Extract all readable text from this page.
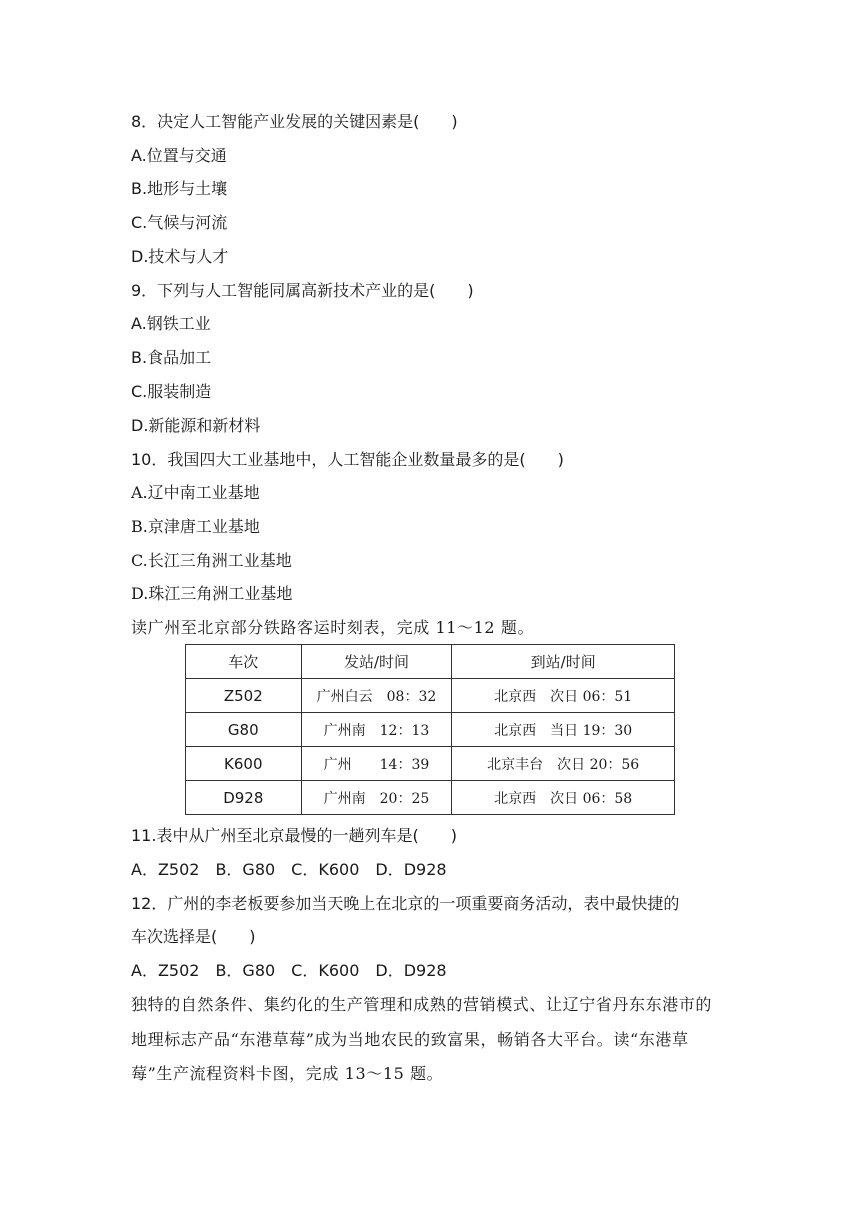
8．决定人工智能产业发展的关键因素是(　　)
A.位置与交通
B.地形与土壤
C.气候与河流
D.技术与人才
9．下列与人工智能同属高新技术产业的是(　　)
A.钢铁工业
B.食品加工
C.服装制造
D.新能源和新材料
10．我国四大工业基地中，人工智能企业数量最多的是(　　)
A.辽中南工业基地
B.京津唐工业基地
C.长江三角洲工业基地
D.珠江三角洲工业基地
读广州至北京部分铁路客运时刻表，完成 11～12 题。
车次	发站/时间	到站/时间
Z502	广州白云　08：32	北京西　次日 06：51
G80	广州南　12：13	北京西　当日 19：30
K600	广州　　14：39	北京丰台　次日 20：56
D928	广州南　20：25	北京西　次日 06：58
11.表中从广州至北京最慢的一趟列车是(　　)
A．Z502　B．G80　C．K600　D．D928
12．广州的李老板要参加当天晚上在北京的一项重要商务活动，表中最快捷的
车次选择是(　　)
A．Z502　B．G80　C．K600　D．D928
独特的自然条件、集约化的生产管理和成熟的营销模式、让辽宁省丹东东港市的
地理标志产品“东港草莓”成为当地农民的致富果，畅销各大平台。读“东港草
莓”生产流程资料卡图，完成 13～15 题。
